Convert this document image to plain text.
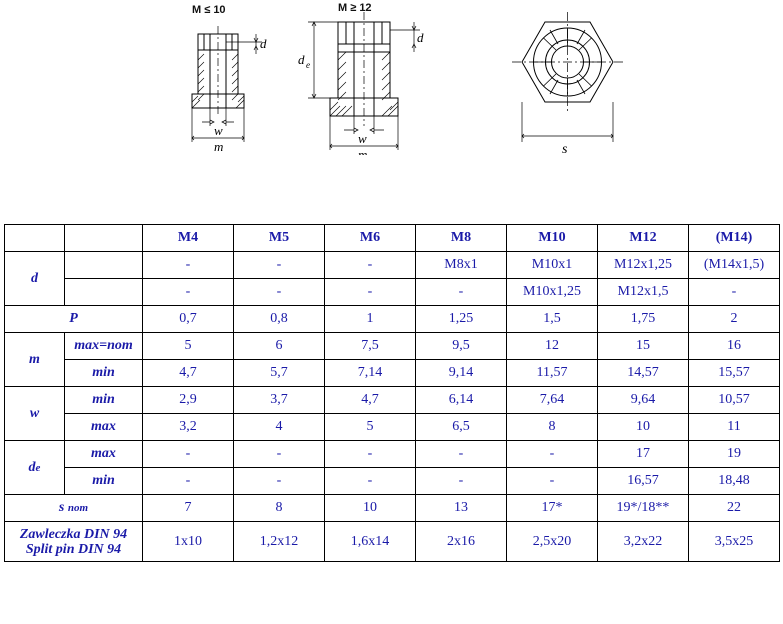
M ≤ 10
d
w
m
M ≥ 12
d e
d
w
m	s
		M4	M5	M6	M8	M10	M12	(M14)
d		-	-	-	M8x1	M10x1	M12x1,25	(M14x1,5)
		-	-	-	-	M10x1,25	M12x1,5	-
P		0,7	0,8	1	1,25	1,5	1,75	2
m	max=nom	5	6	7,5	9,5	12	15	16
	min	4,7	5,7	7,14	9,14	11,57	14,57	15,57
w	min	2,9	3,7	4,7	6,14	7,64	9,64	10,57
	max	3,2	4	5	6,5	8	10	11
de	max	-	-	-	-	-	17	19
	min	-	-	-	-	-	16,57	18,48
s nom		7	8	10	13	17*	19*/18**	22

Zawleczka DIN 94
Split pin DIN 94		1x10	1,2x12	1,6x14	2x16	2,5x20	3,2x22	3,5x25
